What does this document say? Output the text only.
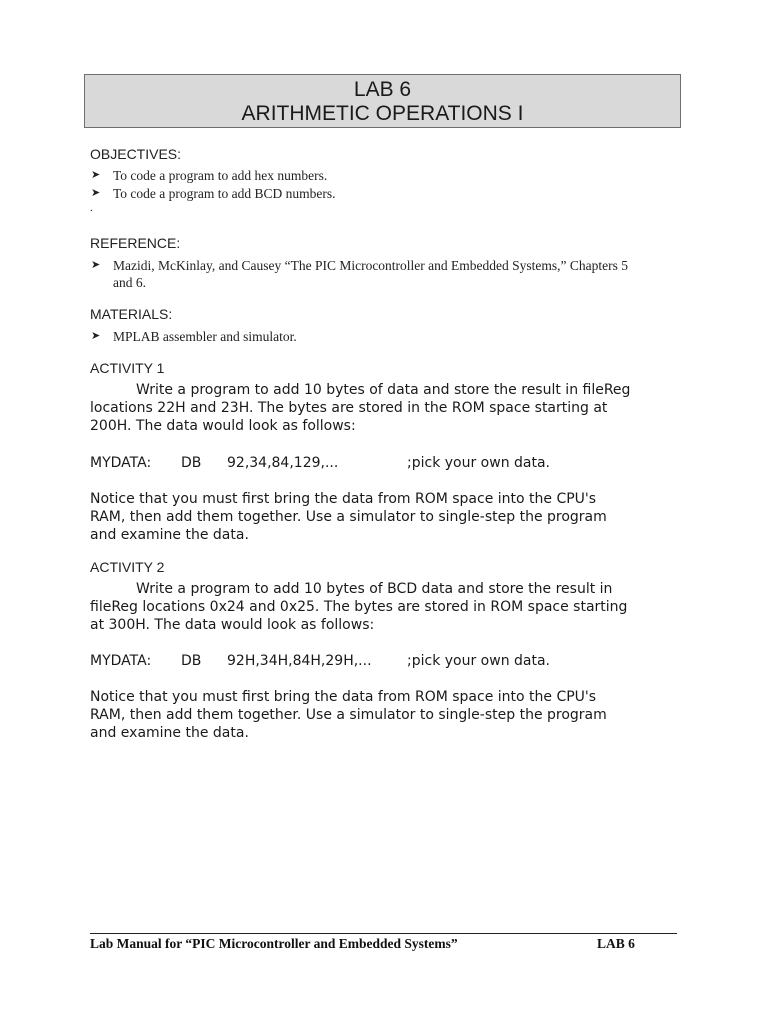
LAB 6
ARITHMETIC OPERATIONS I
OBJECTIVES:
➤ To code a program to add hex numbers.
➤ To code a program to add BCD numbers.
.
REFERENCE:
➤ Mazidi, McKinlay, and Causey “The PIC Microcontroller and Embedded Systems,” Chapters 5
and 6.
MATERIALS:
➤ MPLAB assembler and simulator.
ACTIVITY 1
Write a program to add 10 bytes of data and store the result in fileReg
locations 22H and 23H. The bytes are stored in the ROM space starting at
200H. The data would look as follows:
MYDATA: DB 92,34,84,129,...	;pick your own data.
Notice that you must first bring the data from ROM space into the CPU's
RAM, then add them together. Use a simulator to single-step the program
and examine the data.
ACTIVITY 2
Write a program to add 10 bytes of BCD data and store the result in
fileReg locations 0x24 and 0x25. The bytes are stored in ROM space starting
at 300H. The data would look as follows:
MYDATA: DB 92H,34H,84H,29H,...	;pick your own data.
Notice that you must first bring the data from ROM space into the CPU's
RAM, then add them together. Use a simulator to single-step the program
and examine the data.
Lab Manual for “PIC Microcontroller and Embedded Systems”	LAB 6
